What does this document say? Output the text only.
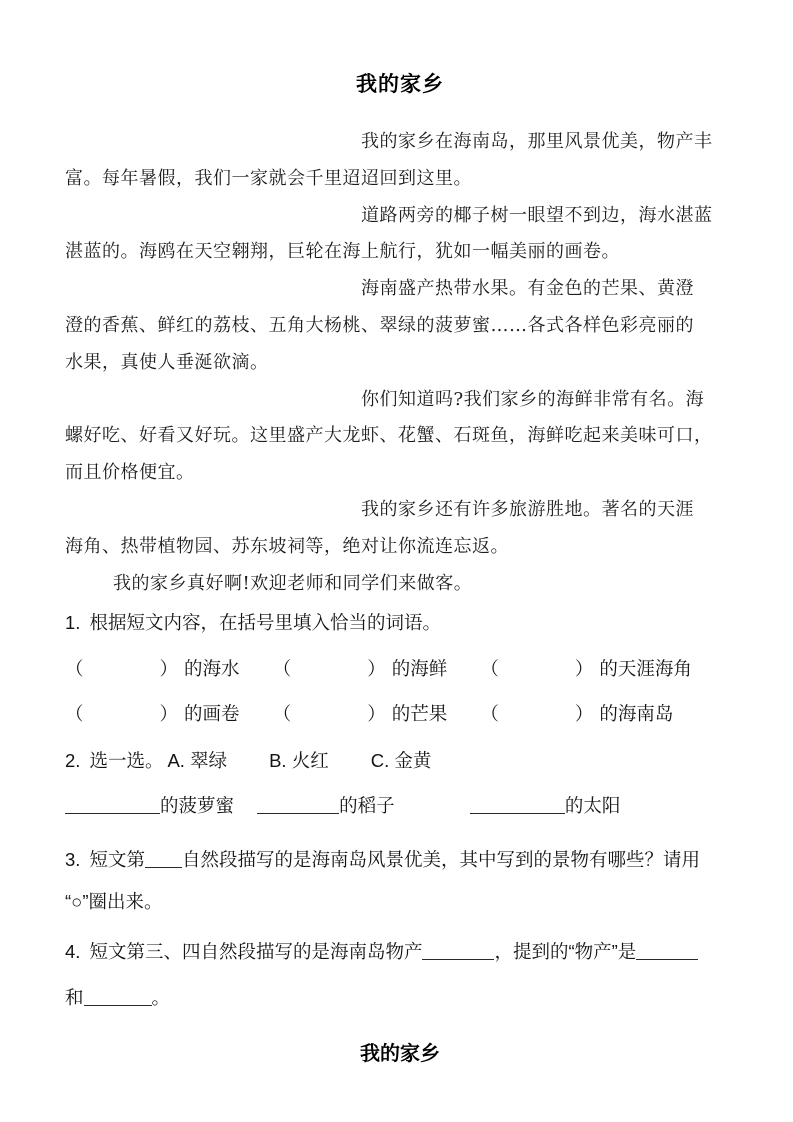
我的家乡
我的家乡在海南岛，那里风景优美，物产丰
富。每年暑假，我们一家就会千里迢迢回到这里。
道路两旁的椰子树一眼望不到边，海水湛蓝
湛蓝的。海鸥在天空翱翔，巨轮在海上航行，犹如一幅美丽的画卷。
海南盛产热带水果。有金色的芒果、黄澄
澄的香蕉、鲜红的荔枝、五角大杨桃、翠绿的菠萝蜜……各式各样色彩亮丽的
水果，真使人垂涎欲滴。
你们知道吗?我们家乡的海鲜非常有名。海
螺好吃、好看又好玩。这里盛产大龙虾、花蟹、石斑鱼，海鲜吃起来美味可口，
而且价格便宜。
我的家乡还有许多旅游胜地。著名的天涯
海角、热带植物园、苏东坡祠等，绝对让你流连忘返。
我的家乡真好啊!欢迎老师和同学们来做客。
1. 根据短文内容，在括号里填入恰当的词语。
（	） 的海水 （	） 的海鲜 （	） 的天涯海角
（	） 的画卷 （	） 的芒果 （	） 的海南岛
2. 选一选。 A. 翠绿 B. 火红 C. 金黄
的菠萝蜜	的稻子	的太阳
3. 短文第 自然段描写的是海南岛风景优美，其中写到的景物有哪些？请用
“○”圈出来。
4. 短文第三、四自然段描写的是海南岛物产	，提到的“物产”是
和	。
我的家乡
